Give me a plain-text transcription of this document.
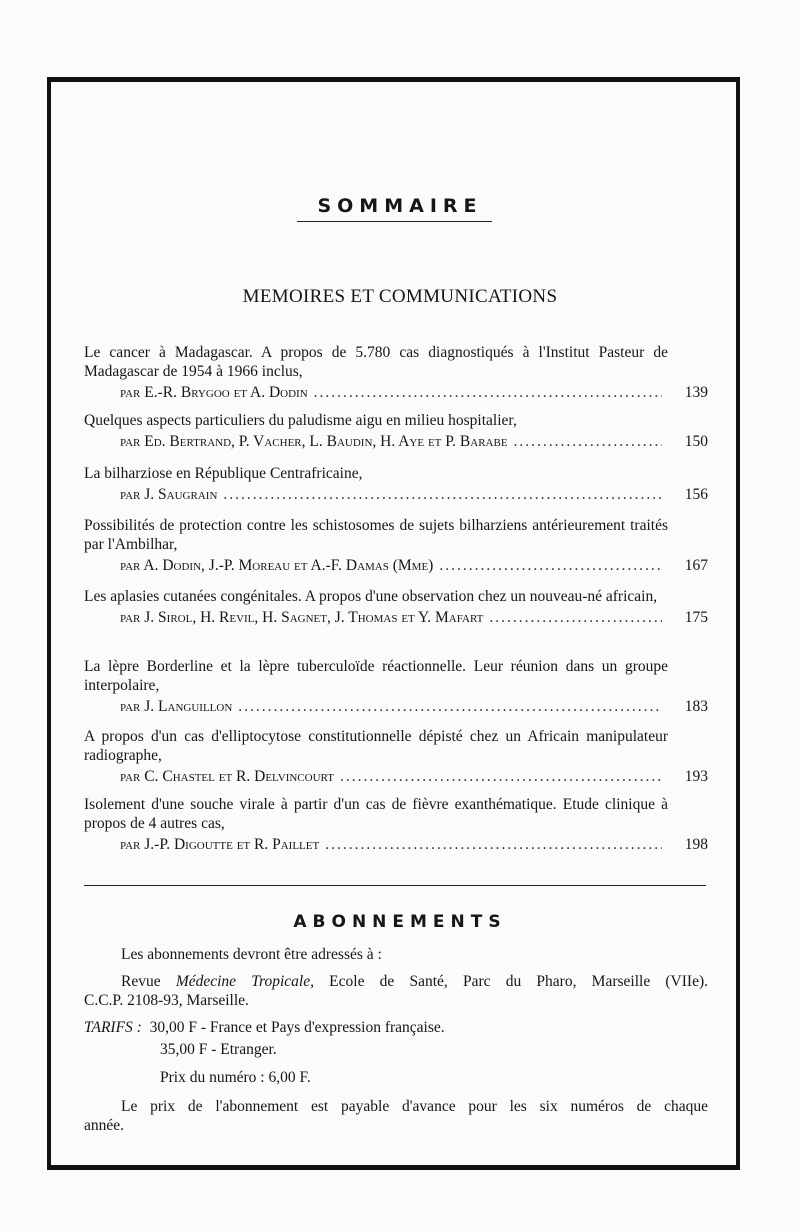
SOMMAIRE
MEMOIRES ET COMMUNICATIONS
Le cancer à Madagascar. A propos de 5.780 cas diagnostiqués à l'Institut Pasteur de Madagascar de 1954 à 1966 inclus,
par E.-R. Brygoo et A. Dodin .....	139
Quelques aspects particuliers du paludisme aigu en milieu hospitalier,
par Ed. Bertrand, P. Vacher, L. Baudin, H. Aye et P. Barabe .....	150
La bilharziose en République Centrafricaine,
par J. Saugrain .....	156
Possibilités de protection contre les schistosomes de sujets bilharziens antérieurement traités par l'Ambilhar,
par A. Dodin, J.-P. Moreau et A.-F. Damas (Mme) .....	167
Les aplasies cutanées congénitales. A propos d'une observation chez un nouveau-né africain,
par J. Sirol, H. Revil, H. Sagnet, J. Thomas et Y. Mafart .....	175
La lèpre Borderline et la lèpre tuberculoïde réactionnelle. Leur réunion dans un groupe interpolaire,
par J. Languillon .....	183
A propos d'un cas d'elliptocytose constitutionnelle dépisté chez un Africain manipulateur radiographe,
par C. Chastel et R. Delvincourt .....	193
Isolement d'une souche virale à partir d'un cas de fièvre exanthématique. Etude clinique à propos de 4 autres cas,
par J.-P. Digoutte et R. Paillet .....	198
ABONNEMENTS
Les abonnements devront être adressés à :
Revue Médecine Tropicale, Ecole de Santé, Parc du Pharo, Marseille (VIIe).
C.C.P. 2108-93, Marseille.
TARIFS : 30,00 F - France et Pays d'expression française.
35,00 F - Etranger.
Prix du numéro : 6,00 F.
Le prix de l'abonnement est payable d'avance pour les six numéros de chaque
année.
